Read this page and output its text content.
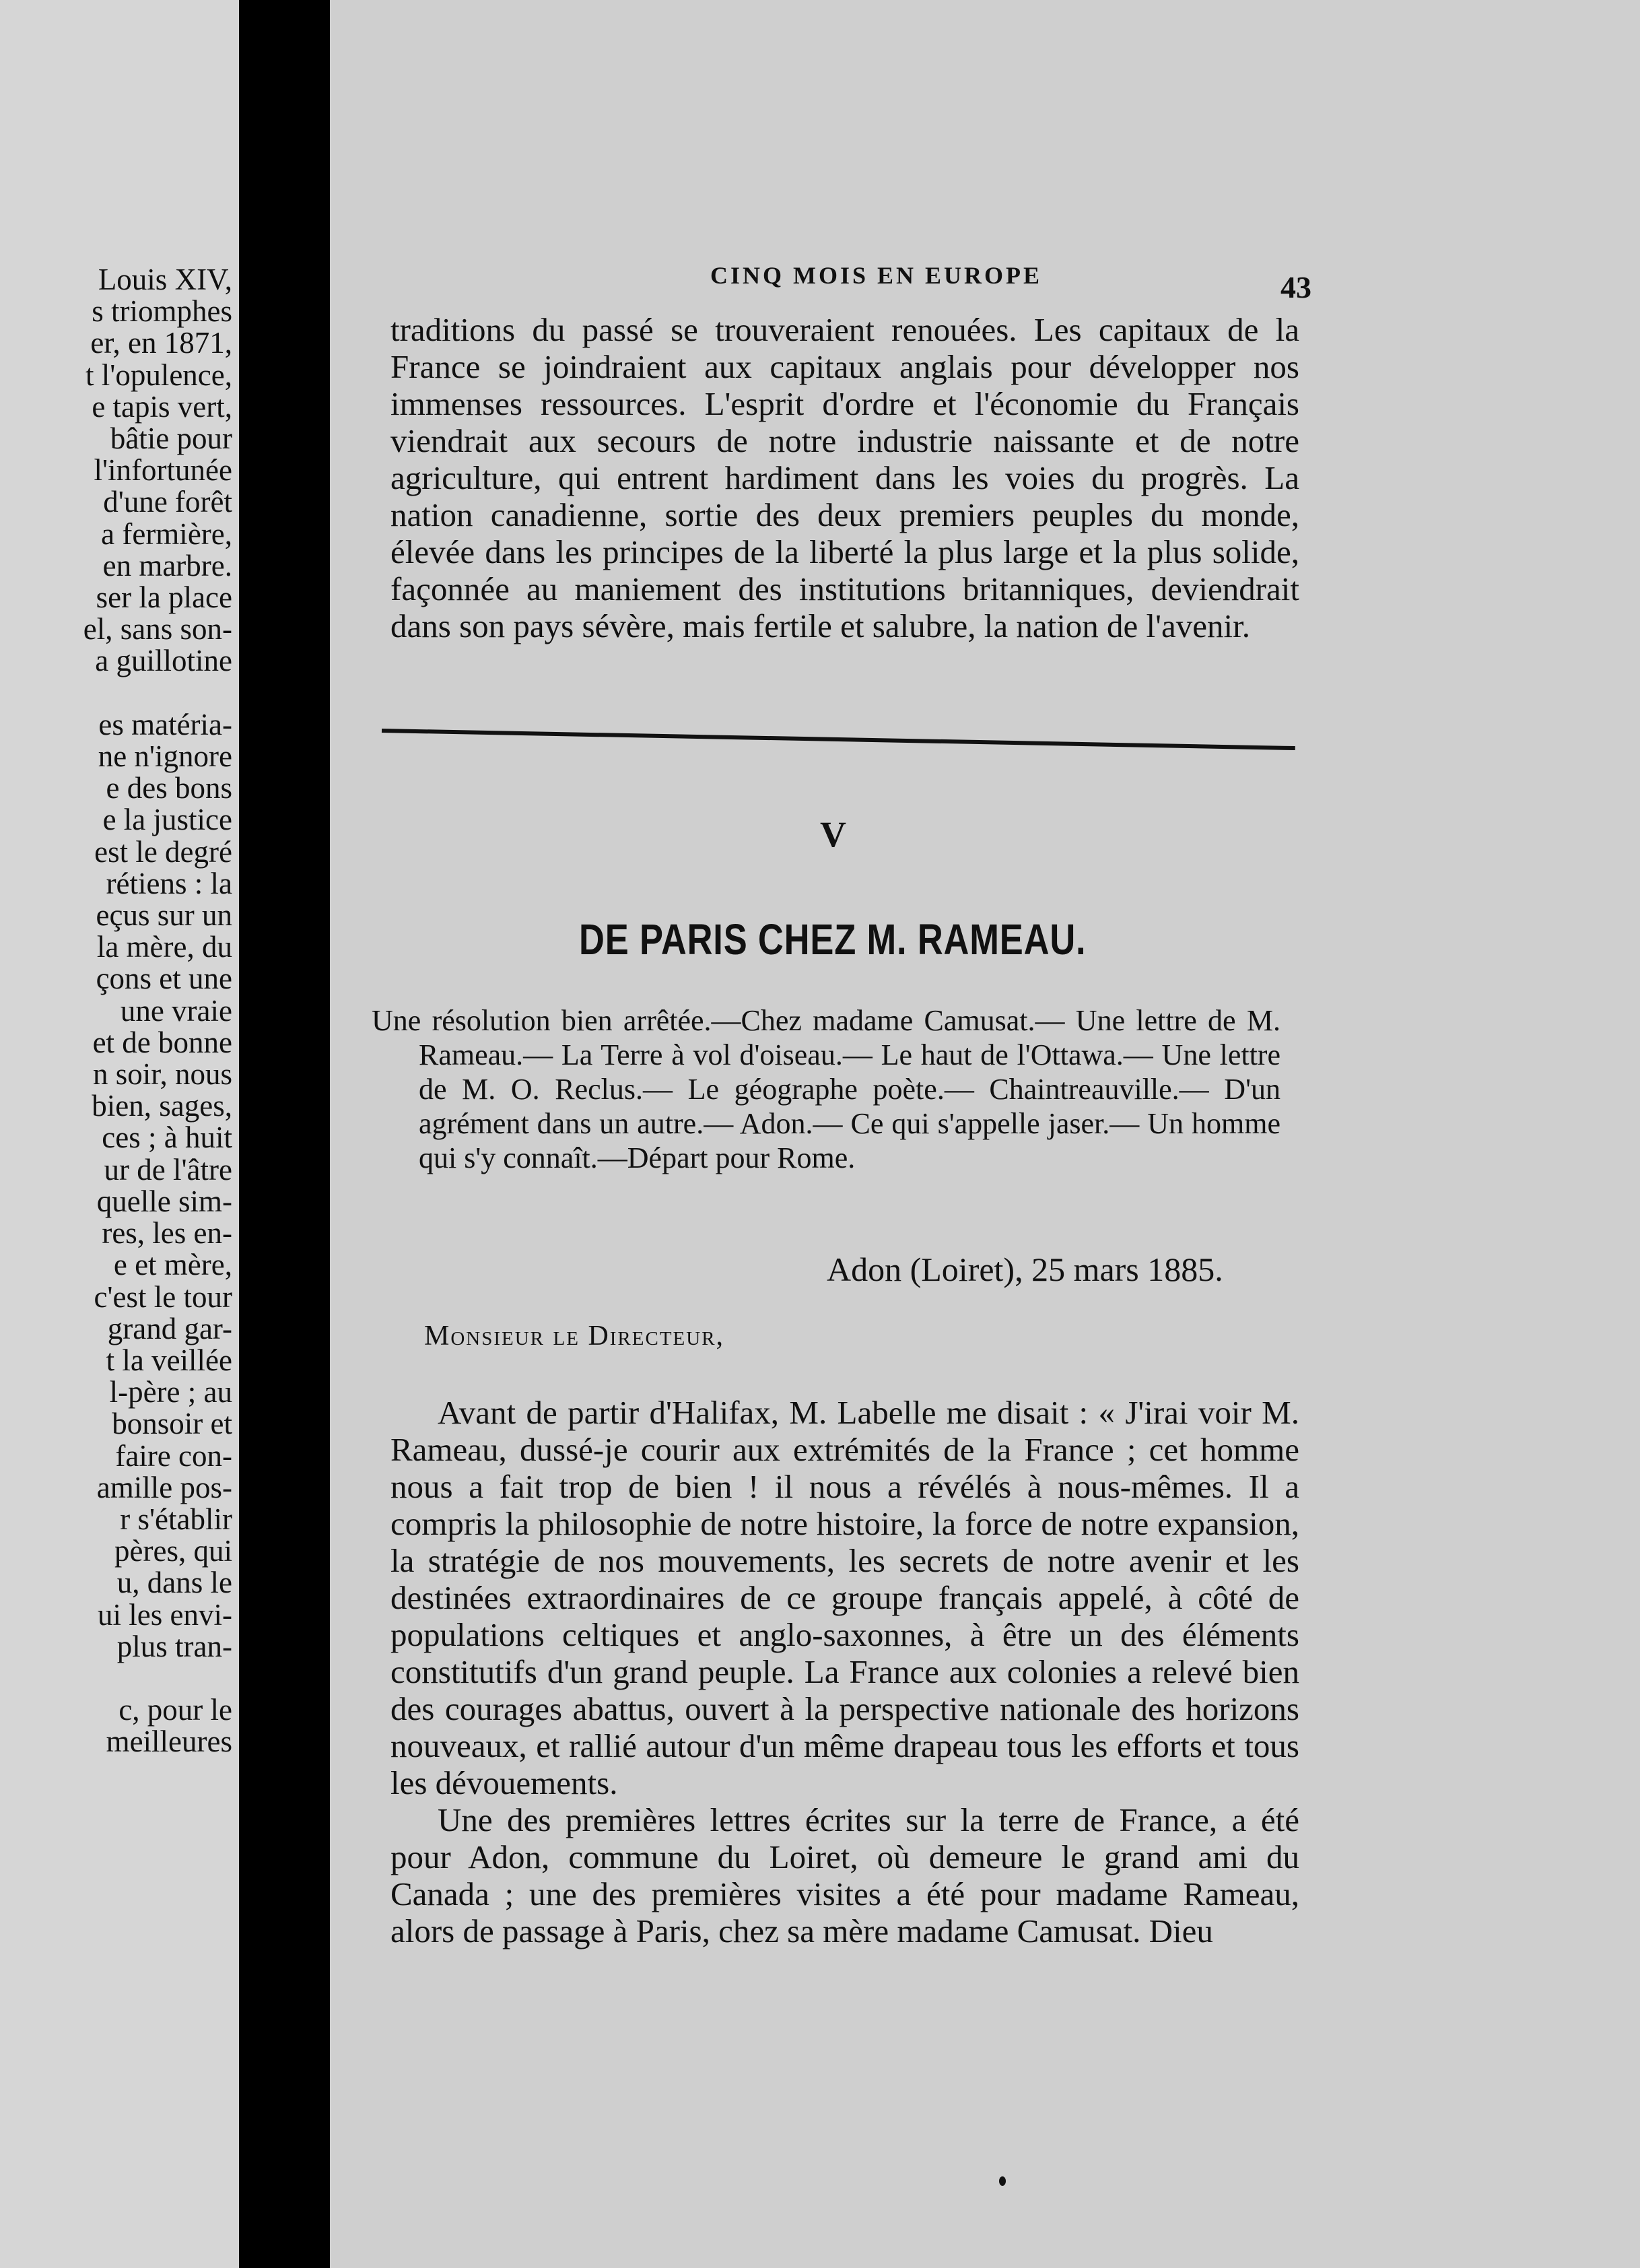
Louis XIV,
s triomphes
er, en 1871,
t l'opulence,
e tapis vert,
bâtie pour
l'infortunée
d'une forêt
a fermière,
en marbre.
ser la place
el, sans son-
a guillotine

es matéria-
ne n'ignore
e des bons
e la justice
est le degré
rétiens : la
eçus sur un
la mère, du
çons et une
une vraie
et de bonne
n soir, nous
bien, sages,
ces ; à huit
ur de l'âtre
quelle sim-
res, les en-
e et mère,
c'est le tour
grand gar-
t la veillée
l-père ; au
bonsoir et
faire con-
amille pos-
r s'établir
pères, qui
u, dans le
ui les envi-
plus tran-

c, pour le
meilleures
CINQ MOIS EN EUROPE	43

traditions du passé se trouveraient renouées. Les capitaux de la France se joindraient aux capitaux anglais pour développer nos immenses ressources. L'esprit d'ordre et l'économie du Français viendrait aux secours de notre industrie naissante et de notre agriculture, qui entrent hardiment dans les voies du progrès. La nation canadienne, sortie des deux premiers peuples du monde, élevée dans les principes de la liberté la plus large et la plus solide, façonnée au maniement des institutions britanniques, deviendrait dans son pays sévère, mais fertile et salubre, la nation de l'avenir.

V
DE PARIS CHEZ M. RAMEAU.
Une résolution bien arrêtée.—Chez madame Camusat.— Une lettre de M. Rameau.— La Terre à vol d'oiseau.— Le haut de l'Ottawa.— Une lettre de M. O. Reclus.— Le géographe poète.— Chaintreauville.— D'un agrément dans un autre.— Adon.— Ce qui s'appelle jaser.— Un homme qui s'y connaît.—Départ pour Rome.
Adon (Loiret), 25 mars 1885.
Monsieur le Directeur,

Avant de partir d'Halifax, M. Labelle me disait : « J'irai voir M. Rameau, dussé-je courir aux extrémités de la France ; cet homme nous a fait trop de bien ! il nous a révélés à nous-mêmes. Il a compris la philosophie de notre histoire, la force de notre expansion, la stratégie de nos mouvements, les secrets de notre avenir et les destinées extraordinaires de ce groupe français appelé, à côté de populations celtiques et anglo-saxonnes, à être un des éléments constitutifs d'un grand peuple. La France aux colonies a relevé bien des courages abattus, ouvert à la perspective nationale des horizons nouveaux, et rallié autour d'un même drapeau tous les efforts et tous les dévouements.

Une des premières lettres écrites sur la terre de France, a été pour Adon, commune du Loiret, où demeure le grand ami du Canada ; une des premières visites a été pour madame Rameau, alors de passage à Paris, chez sa mère madame Camusat. Dieu
